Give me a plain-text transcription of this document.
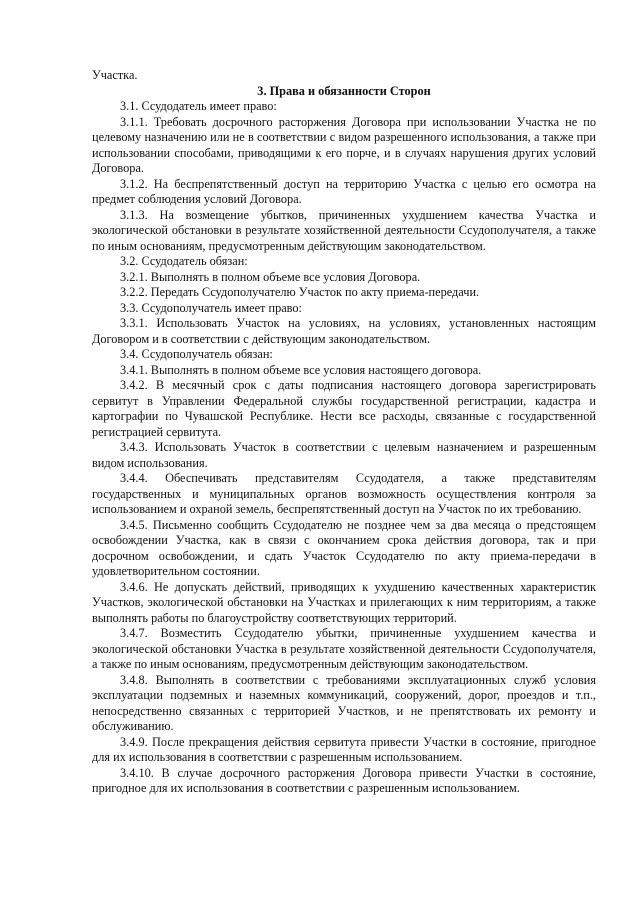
Участка.

3. Права и обязанности Сторон

3.1. Ссудодатель имеет право:

3.1.1. Требовать досрочного расторжения Договора при использовании Участка не по целевому назначению или не в соответствии с видом разрешенного использования, а также при использовании способами, приводящими к его порче, и в случаях нарушения других условий Договора.

3.1.2. На беспрепятственный доступ на территорию Участка с целью его осмотра на предмет соблюдения условий Договора.

3.1.3. На возмещение убытков, причиненных ухудшением качества Участка и экологической обстановки в результате хозяйственной деятельности Ссудополучателя, а также по иным основаниям, предусмотренным действующим законодательством.

3.2. Ссудодатель обязан:

3.2.1. Выполнять в полном объеме все условия Договора.

3.2.2. Передать Ссудополучателю Участок по акту приема-передачи.

3.3. Ссудополучатель имеет право:

3.3.1. Использовать Участок на условиях, на условиях, установленных настоящим Договором и в соответствии с действующим законодательством.

3.4. Ссудополучатель обязан:

3.4.1. Выполнять в полном объеме все условия настоящего договора.

3.4.2. В месячный срок с даты подписания настоящего договора зарегистрировать сервитут в Управлении Федеральной службы государственной регистрации, кадастра и картографии по Чувашской Республике. Нести все расходы, связанные с государственной регистрацией сервитута.

3.4.3. Использовать Участок в соответствии с целевым назначением и разрешенным видом использования.

3.4.4. Обеспечивать представителям Ссудодателя, а также представителям государственных и муниципальных органов возможность осуществления контроля за использованием и охраной земель, беспрепятственный доступ на Участок по их требованию.

3.4.5. Письменно сообщить Ссудодателю не позднее чем за два месяца о предстоящем освобождении Участка, как в связи с окончанием срока действия договора, так и при досрочном освобождении, и сдать Участок Ссудодателю по акту приема-передачи в удовлетворительном состоянии.

3.4.6. Не допускать действий, приводящих к ухудшению качественных характеристик Участков, экологической обстановки на Участках и прилегающих к ним территориям, а также выполнять работы по благоустройству соответствующих территорий.

3.4.7. Возместить Ссудодателю убытки, причиненные ухудшением качества и экологической обстановки Участка в результате хозяйственной деятельности Ссудополучателя, а также по иным основаниям, предусмотренным действующим законодательством.

3.4.8. Выполнять в соответствии с требованиями эксплуатационных служб условия эксплуатации подземных и наземных коммуникаций, сооружений, дорог, проездов и т.п., непосредственно связанных с территорией Участков, и не препятствовать их ремонту и обслуживанию.

3.4.9. После прекращения действия сервитута привести Участки в состояние, пригодное для их использования в соответствии с разрешенным использованием.

3.4.10. В случае досрочного расторжения Договора привести Участки в состояние, пригодное для их использования в соответствии с разрешенным использованием.
